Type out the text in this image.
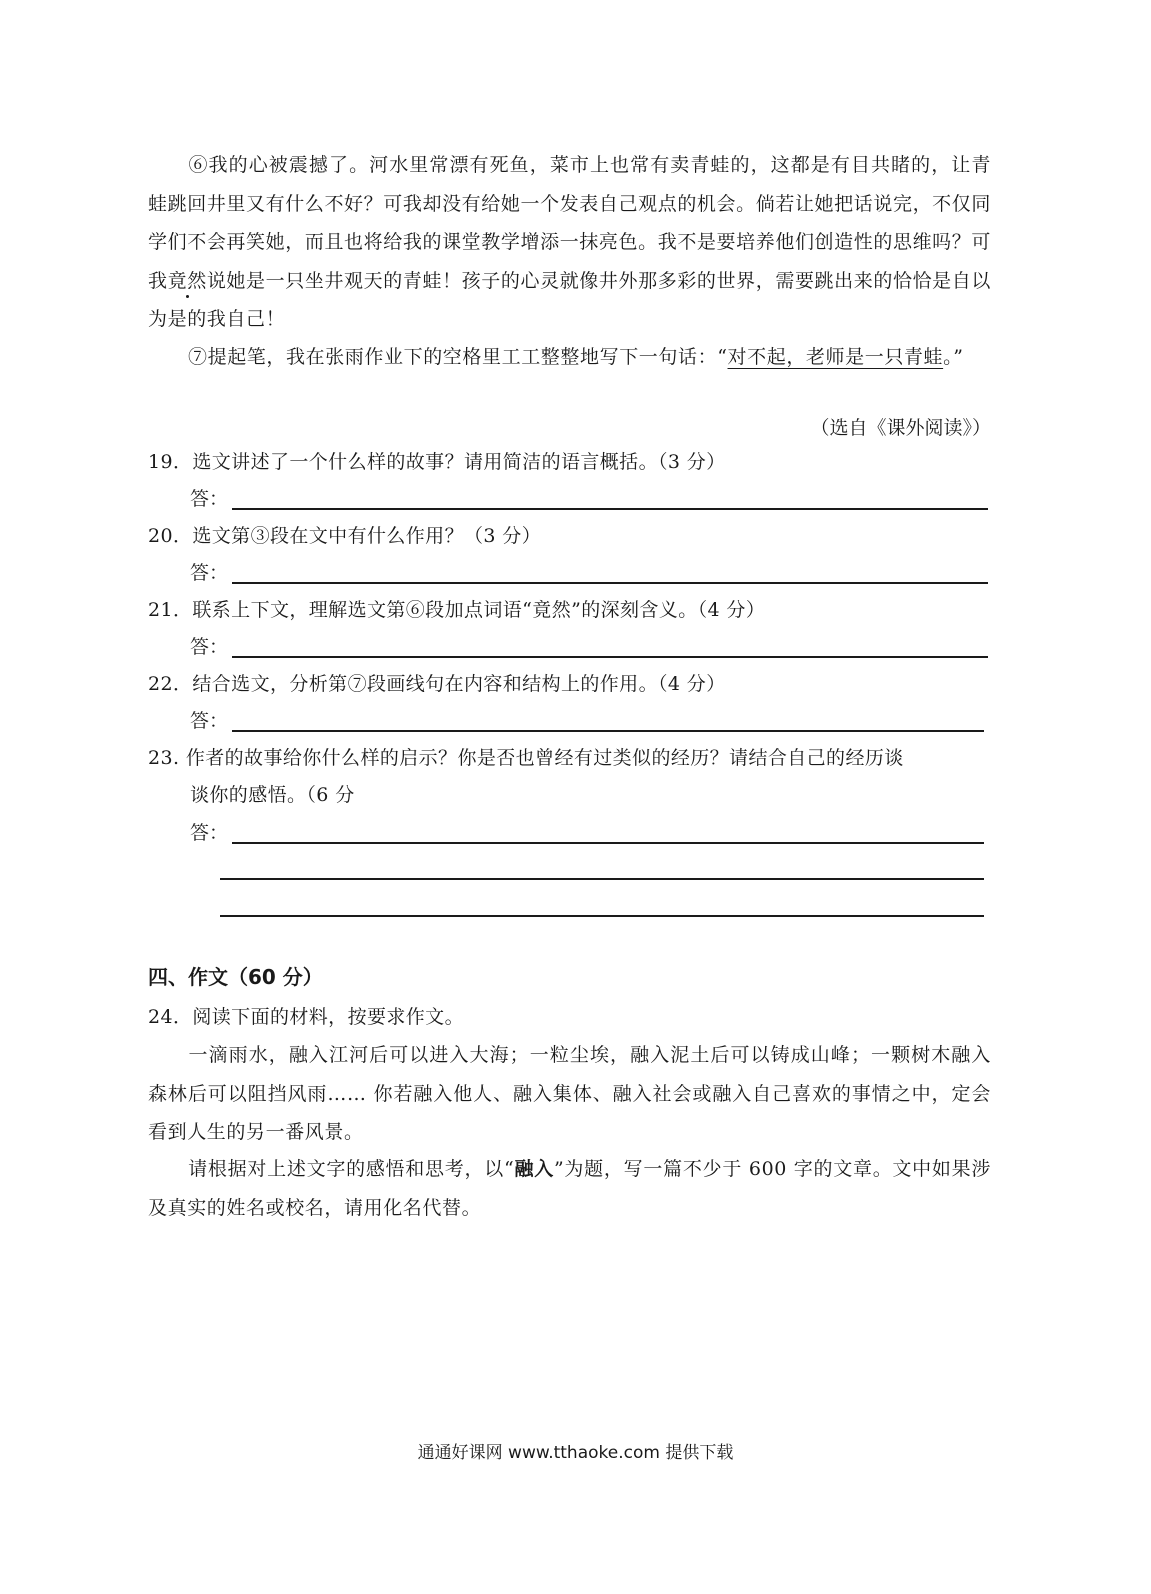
⑥我的心被震撼了。河水里常漂有死鱼，菜市上也常有卖青蛙的，这都是有目共睹的，让青蛙跳回井里又有什么不好？可我却没有给她一个发表自己观点的机会。倘若让她把话说完，不仅同学们不会再笑她，而且也将给我的课堂教学增添一抹亮色。我不是要培养他们创造性的思维吗？可我竟然说她是一只坐井观天的青蛙！孩子的心灵就像井外那多彩的世界，需要跳出来的恰恰是自以为是的我自己！

⑦提起笔，我在张雨作业下的空格里工工整整地写下一句话：“对不起，老师是一只青蛙。”

（选自《课外阅读》）

19．选文讲述了一个什么样的故事？请用简洁的语言概括。（3 分）

答：

20．选文第③段在文中有什么作用？（3 分）

答：

21．联系上下文，理解选文第⑥段加点词语“竟然”的深刻含义。（4 分）

答：

22．结合选文，分析第⑦段画线句在内容和结构上的作用。（4 分）

答：

23. 作者的故事给你什么样的启示？你是否也曾经有过类似的经历？请结合自己的经历谈

谈你的感悟。（6 分

答：
四、作文（60 分）

24．阅读下面的材料，按要求作文。

一滴雨水，融入江河后可以进入大海；一粒尘埃，融入泥土后可以铸成山峰；一颗树木融入森林后可以阻挡风雨…… 你若融入他人、融入集体、融入社会或融入自己喜欢的事情之中，定会看到人生的另一番风景。

请根据对上述文字的感悟和思考，以“融入”为题，写一篇不少于 600 字的文章。文中如果涉及真实的姓名或校名，请用化名代替。

通通好课网 www.tthaoke.com 提供下载
